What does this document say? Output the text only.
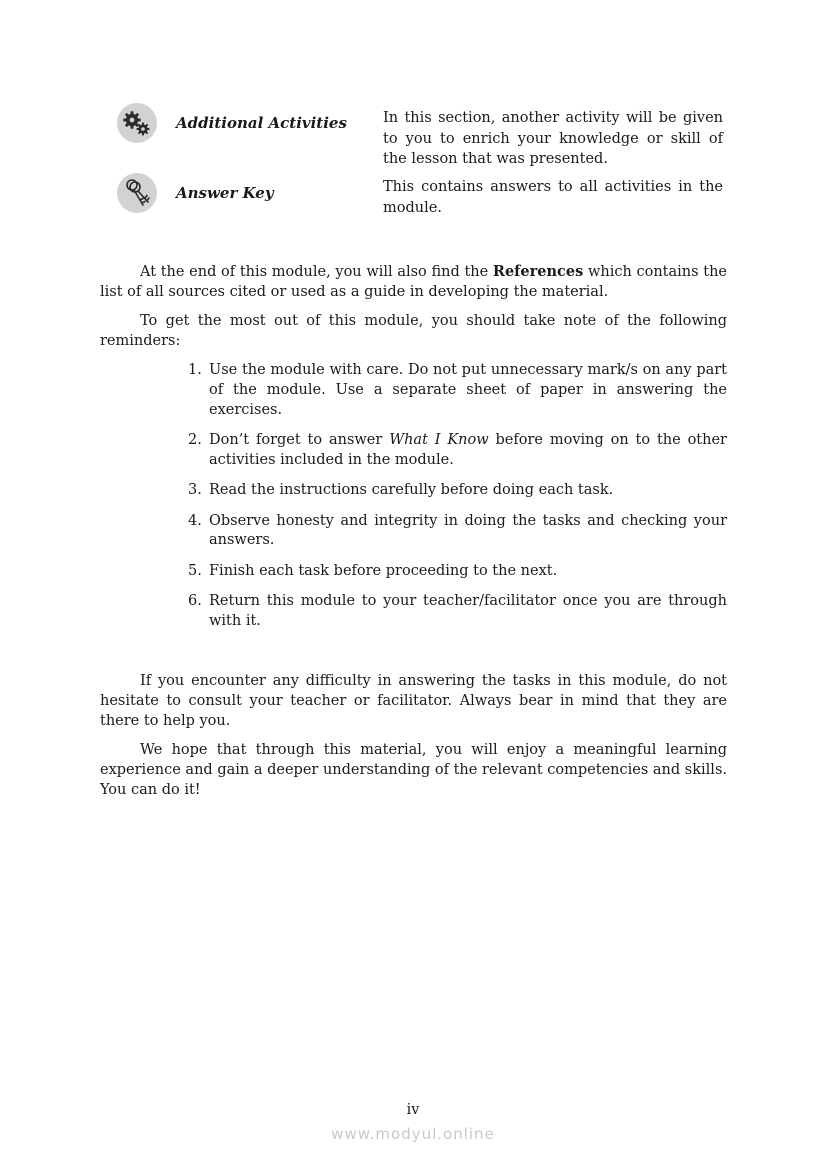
Additional Activities In this section, another activity will be given to you to enrich your knowledge or skill of the lesson that was presented.
Answer Key	This contains answers to all activities in the module.

At the end of this module, you will also find the References which contains the list of all sources cited or used as a guide in developing the material.

To get the most out of this module, you should take note of the following reminders:

1. Use the module with care. Do not put unnecessary mark/s on any part of the module. Use a separate sheet of paper in answering the exercises.
2. Don’t forget to answer What I Know before moving on to the other activities included in the module.
3. Read the instructions carefully before doing each task.
4. Observe honesty and integrity in doing the tasks and checking your answers.
5. Finish each task before proceeding to the next.
6. Return this module to your teacher/facilitator once you are through with it.

If you encounter any difficulty in answering the tasks in this module, do not hesitate to consult your teacher or facilitator. Always bear in mind that they are there to help you.

We hope that through this material, you will enjoy a meaningful learning experience and gain a deeper understanding of the relevant competencies and skills. You can do it!

iv
www.modyul.online
